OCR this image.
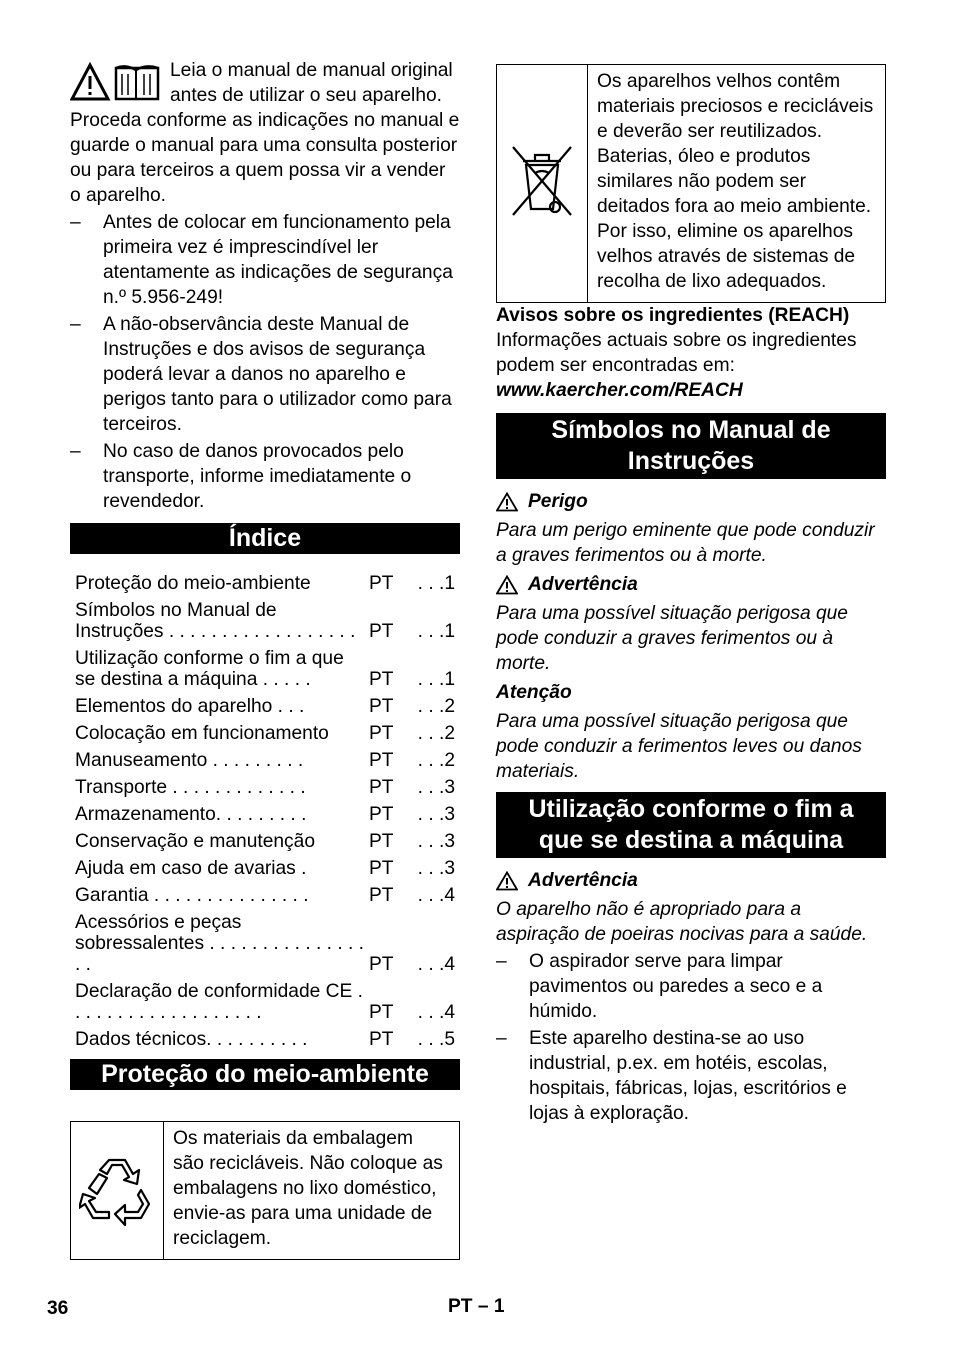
Leia o manual de manual original antes de utilizar o seu aparelho. Proceda conforme as indicações no manual e guarde o manual para uma consulta posterior ou para terceiros a quem possa vir a vender o aparelho.

– Antes de colocar em funcionamento pela primeira vez é imprescindível ler atentamente as indicações de segurança n.º 5.956-249!
– A não-observância deste Manual de Instruções e dos avisos de segurança poderá levar a danos no aparelho e perigos tanto para o utilizador como para terceiros.
– No caso de danos provocados pelo transporte, informe imediatamente o revendedor.
Índice
Proteção do meio-ambiente	PT	. . .1
Símbolos no Manual de Instruções . . . . . . . . . . . . . . . . . . PT	. . .1
Utilização conforme o fim a que se destina a máquina . . . . .	PT	. . .1
Elementos do aparelho . . .	PT	. . .2
Colocação em funcionamento	PT	. . .2
Manuseamento . . . . . . . . .	PT	. . .2
Transporte . . . . . . . . . . . . .	PT	. . .3
Armazenamento. . . . . . . . .	PT	. . .3
Conservação e manutenção	PT	. . .3
Ajuda em caso de avarias .	PT	. . .3
Garantia . . . . . . . . . . . . . . .	PT	. . .4
Acessórios e peças sobressalentes . . . . . . . . . . . . . . . . .	PT	. . .4
Declaração de conformidade CE . . . . . . . . . . . . . . . . . . .	PT	. . .4
Dados técnicos. . . . . . . . . .	PT	. . .5
Proteção do meio-ambiente
	Os materiais da embalagem são recicláveis. Não coloque as embalagens no lixo doméstico, envie-as para uma unidade de reciclagem.
	Os aparelhos velhos contêm materiais preciosos e recicláveis e deverão ser reutilizados. Baterias, óleo e produtos similares não podem ser deitados fora ao meio ambiente. Por isso, elimine os aparelhos velhos através de sistemas de recolha de lixo adequados.

Avisos sobre os ingredientes (REACH)

Informações actuais sobre os ingredientes podem ser encontradas em:

www.kaercher.com/REACH

Símbolos no Manual de Instruções
Perigo

Para um perigo eminente que pode conduzir a graves ferimentos ou à morte.

Advertência

Para uma possível situação perigosa que pode conduzir a graves ferimentos ou à morte.

Atenção

Para uma possível situação perigosa que pode conduzir a ferimentos leves ou danos materiais.

Utilização conforme o fim a que se destina a máquina
Advertência

O aparelho não é apropriado para a aspiração de poeiras nocivas para a saúde.

– O aspirador serve para limpar pavimentos ou paredes a seco e a húmido.
– Este aparelho destina-se ao uso industrial, p.ex. em hotéis, escolas, hospitais, fábricas, lojas, escritórios e lojas à exploração.
36	PT – 1
